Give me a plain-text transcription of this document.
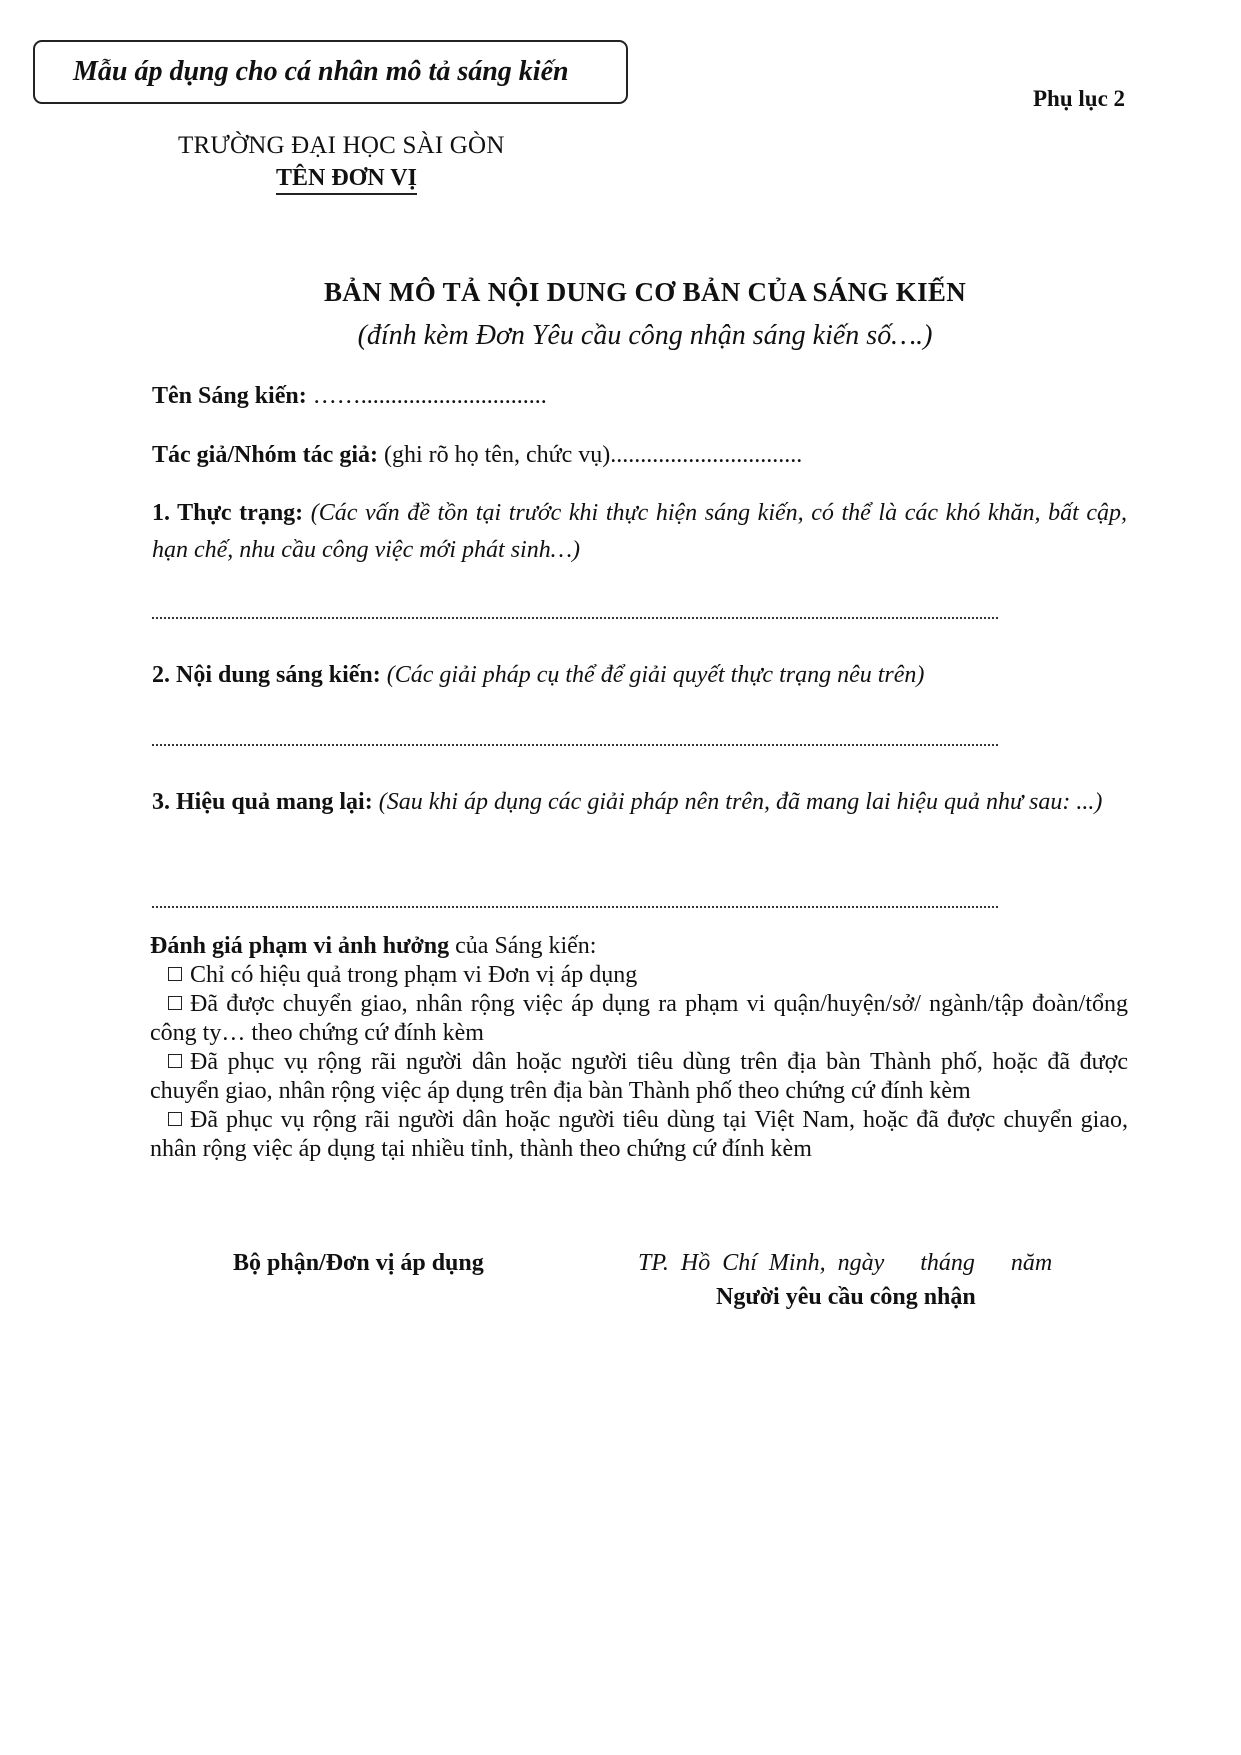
Mẫu áp dụng cho cá nhân mô tả sáng kiến
Phụ lục 2
TRƯỜNG ĐẠI HỌC SÀI GÒN
TÊN ĐƠN VỊ
BẢN MÔ TẢ NỘI DUNG CƠ BẢN CỦA SÁNG KIẾN
(đính kèm Đơn Yêu cầu công nhận sáng kiến số….)
Tên Sáng kiến: ……...............................
Tác giả/Nhóm tác giả: (ghi rõ họ tên, chức vụ)................................
1. Thực trạng: (Các vấn đề tồn tại trước khi thực hiện sáng kiến, có thể là các khó khăn, bất cập, hạn chế, nhu cầu công việc mới phát sinh…)
2. Nội dung sáng kiến: (Các giải pháp cụ thể để giải quyết thực trạng nêu trên)
3. Hiệu quả mang lại: (Sau khi áp dụng các giải pháp nên trên, đã mang lai hiệu quả như sau: ...)

Đánh giá phạm vi ảnh hưởng của Sáng kiến:

Chỉ có hiệu quả trong phạm vi Đơn vị áp dụng

Đã được chuyển giao, nhân rộng việc áp dụng ra phạm vi quận/huyện/sở/ ngành/tập đoàn/tổng công ty… theo chứng cứ đính kèm

Đã phục vụ rộng rãi người dân hoặc người tiêu dùng trên địa bàn Thành phố, hoặc đã được chuyển giao, nhân rộng việc áp dụng trên địa bàn Thành phố theo chứng cứ đính kèm

Đã phục vụ rộng rãi người dân hoặc người tiêu dùng tại Việt Nam, hoặc đã được chuyển giao, nhân rộng việc áp dụng tại nhiều tỉnh, thành theo chứng cứ đính kèm

Bộ phận/Đơn vị áp dụng	TP. Hồ Chí Minh, ngày tháng năm
Người yêu cầu công nhận
